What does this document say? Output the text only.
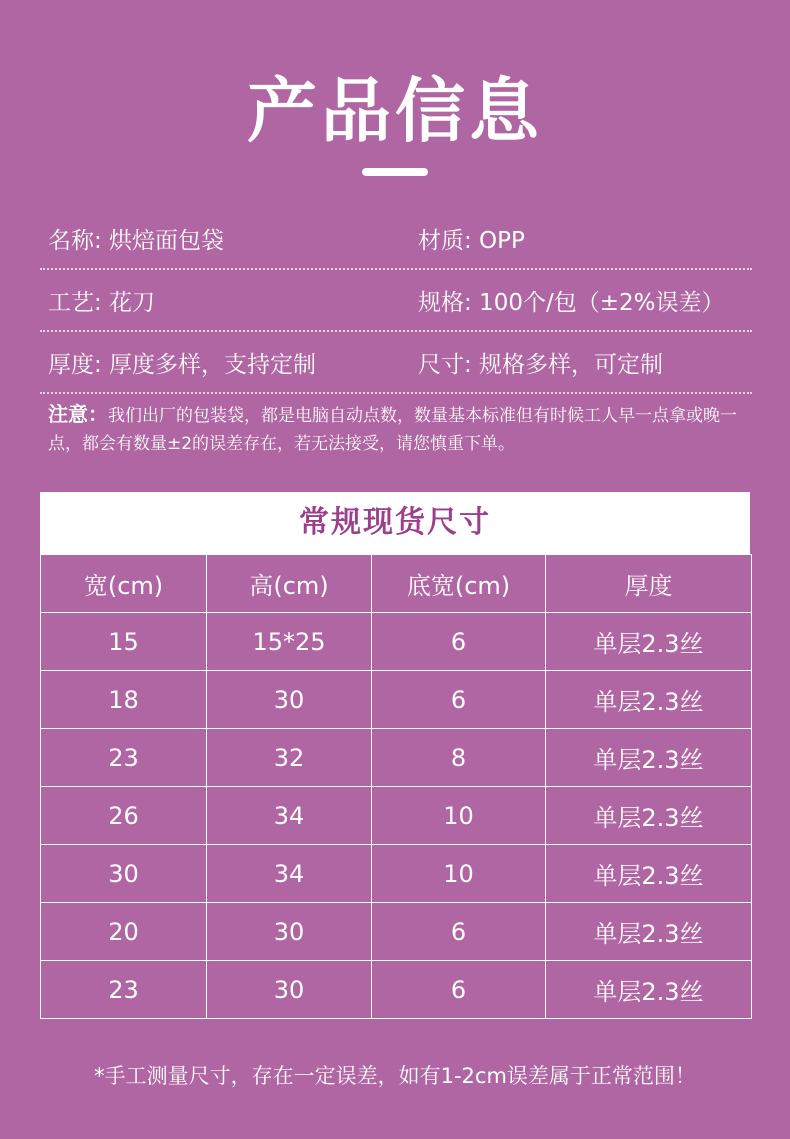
产品信息
名称: 烘焙面包袋	材质: OPP
工艺: 花刀	规格: 100个/包（±2%误差）
厚度: 厚度多样，支持定制	尺寸: 规格多样，可定制
注意：我们出厂的包装袋，都是电脑自动点数，数量基本标准但有时候工人早一点拿或晚一点，都会有数量±2的误差存在，若无法接受，请您慎重下单。
常规现货尺寸
宽(cm)	高(cm)	底宽(cm)	厚度
15	15*25	6	单层2.3丝
18	30	6	单层2.3丝
23	32	8	单层2.3丝
26	34	10	单层2.3丝
30	34	10	单层2.3丝
20	30	6	单层2.3丝
23	30	6	单层2.3丝
*手工测量尺寸，存在一定误差，如有1-2cm误差属于正常范围！
